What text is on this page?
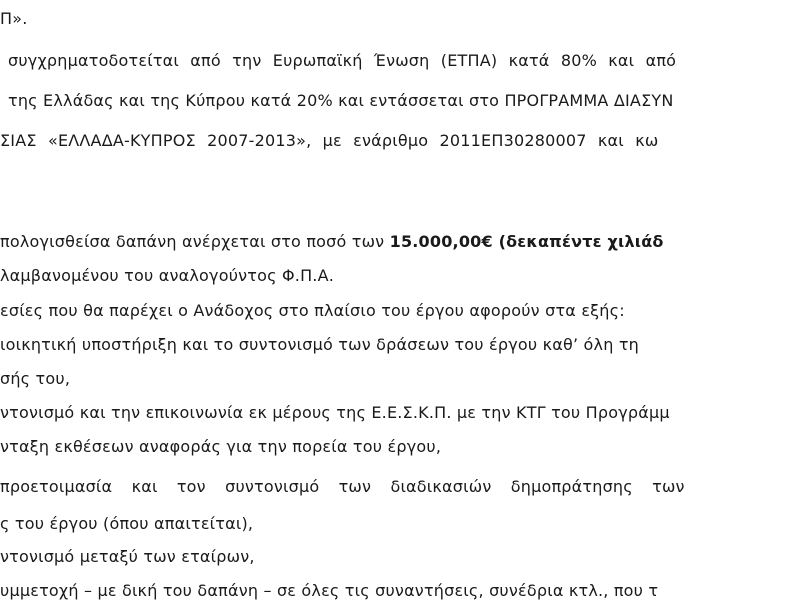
Π».
συγχρηματοδοτείται από την Ευρωπαϊκή Ένωση (ΕΤΠΑ) κατά 80% και από
της Ελλάδας και της Κύπρου κατά 20% και εντάσσεται στο ΠΡΟΓΡΑΜΜΑ ΔΙΑΣΥΝ
ΣΙΑΣ «ΕΛΛΑΔΑ-ΚΥΠΡΟΣ 2007-2013», με ενάριθμο 2011ΕΠ30280007 και κω
πολογισθείσα δαπάνη ανέρχεται στο ποσό των 15.000,00€ (δεκαπέντε χιλιάδ
λαμβανομένου του αναλογούντος Φ.Π.Α.
εσίες που θα παρέχει ο Ανάδοχος στο πλαίσιο του έργου αφορούν στα εξής:
ιοικητική υποστήριξη και το συντονισμό των δράσεων του έργου καθ’ όλη τη
σής του,
ντονισμό και την επικοινωνία εκ μέρους της Ε.Ε.Σ.Κ.Π. με την ΚΤΓ του Προγράμμ
νταξη εκθέσεων αναφοράς για την πορεία του έργου,
προετοιμασία και τον συντονισμό των διαδικασιών δημοπράτησης των
ς του έργου (όπου απαιτείται),
ντονισμό μεταξύ των εταίρων,
υμμετοχή – με δική του δαπάνη – σε όλες τις συναντήσεις, συνέδρια κτλ., που τ
